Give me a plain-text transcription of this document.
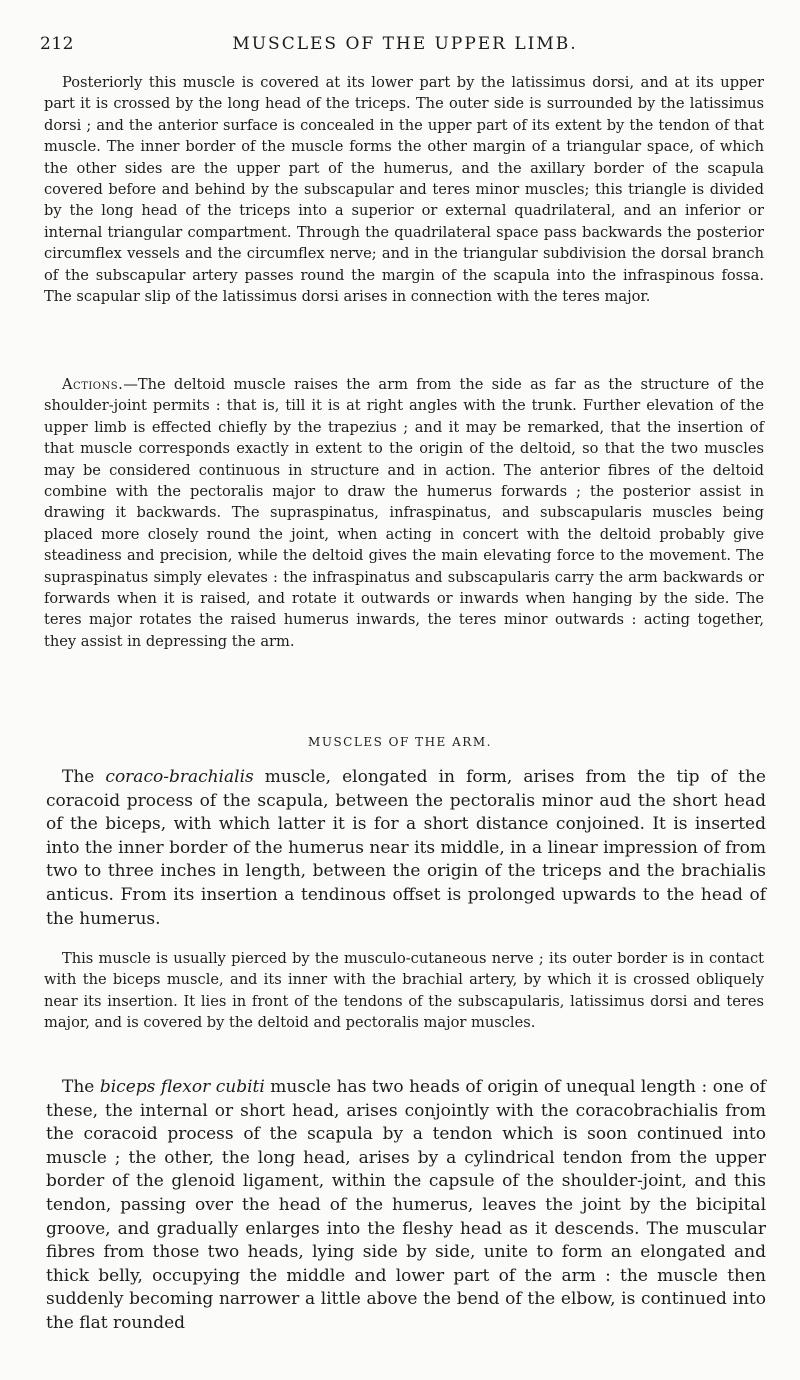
212	MUSCLES OF THE UPPER LIMB.

Posteriorly this muscle is covered at its lower part by the latissimus dorsi, and at its upper part it is crossed by the long head of the triceps. The outer side is surrounded by the latissimus dorsi ; and the anterior surface is concealed in the upper part of its extent by the tendon of that muscle. The inner border of the muscle forms the other margin of a triangular space, of which the other sides are the upper part of the humerus, and the axillary border of the scapula covered before and behind by the subscapular and teres minor muscles; this triangle is divided by the long head of the triceps into a superior or external quadrilateral, and an inferior or internal triangular compartment. Through the quadrilateral space pass backwards the posterior circumflex vessels and the circumflex nerve; and in the triangular subdivision the dorsal branch of the subscapular artery passes round the margin of the scapula into the infraspinous fossa. The scapular slip of the latissimus dorsi arises in connection with the teres major.

Actions.—The deltoid muscle raises the arm from the side as far as the structure of the shoulder-joint permits : that is, till it is at right angles with the trunk. Further elevation of the upper limb is effected chiefly by the trapezius ; and it may be remarked, that the insertion of that muscle corresponds exactly in extent to the origin of the deltoid, so that the two muscles may be considered continuous in structure and in action. The anterior fibres of the deltoid combine with the pectoralis major to draw the humerus forwards ; the posterior assist in drawing it backwards. The supraspinatus, infraspinatus, and subscapularis muscles being placed more closely round the joint, when acting in concert with the deltoid probably give steadiness and precision, while the deltoid gives the main elevating force to the movement. The supraspinatus simply elevates : the infraspinatus and subscapularis carry the arm backwards or forwards when it is raised, and rotate it outwards or inwards when hanging by the side. The teres major rotates the raised humerus inwards, the teres minor outwards : acting together, they assist in depressing the arm.

MUSCLES OF THE ARM.

The coraco-brachialis muscle, elongated in form, arises from the tip of the coracoid process of the scapula, between the pectoralis minor aud the short head of the biceps, with which latter it is for a short distance conjoined. It is inserted into the inner border of the humerus near its middle, in a linear impression of from two to three inches in length, between the origin of the triceps and the brachialis anticus. From its insertion a tendinous offset is prolonged upwards to the head of the humerus.

This muscle is usually pierced by the musculo-cutaneous nerve ; its outer border is in contact with the biceps muscle, and its inner with the brachial artery, by which it is crossed obliquely near its insertion. It lies in front of the tendons of the subscapularis, latissimus dorsi and teres major, and is covered by the deltoid and pectoralis major muscles.

The biceps flexor cubiti muscle has two heads of origin of unequal length : one of these, the internal or short head, arises conjointly with the coracobrachialis from the coracoid process of the scapula by a tendon which is soon continued into muscle ; the other, the long head, arises by a cylindrical tendon from the upper border of the glenoid ligament, within the capsule of the shoulder-joint, and this tendon, passing over the head of the humerus, leaves the joint by the bicipital groove, and gradually enlarges into the fleshy head as it descends. The muscular fibres from those two heads, lying side by side, unite to form an elongated and thick belly, occupying the middle and lower part of the arm : the muscle then suddenly becoming narrower a little above the bend of the elbow, is continued into the flat rounded
